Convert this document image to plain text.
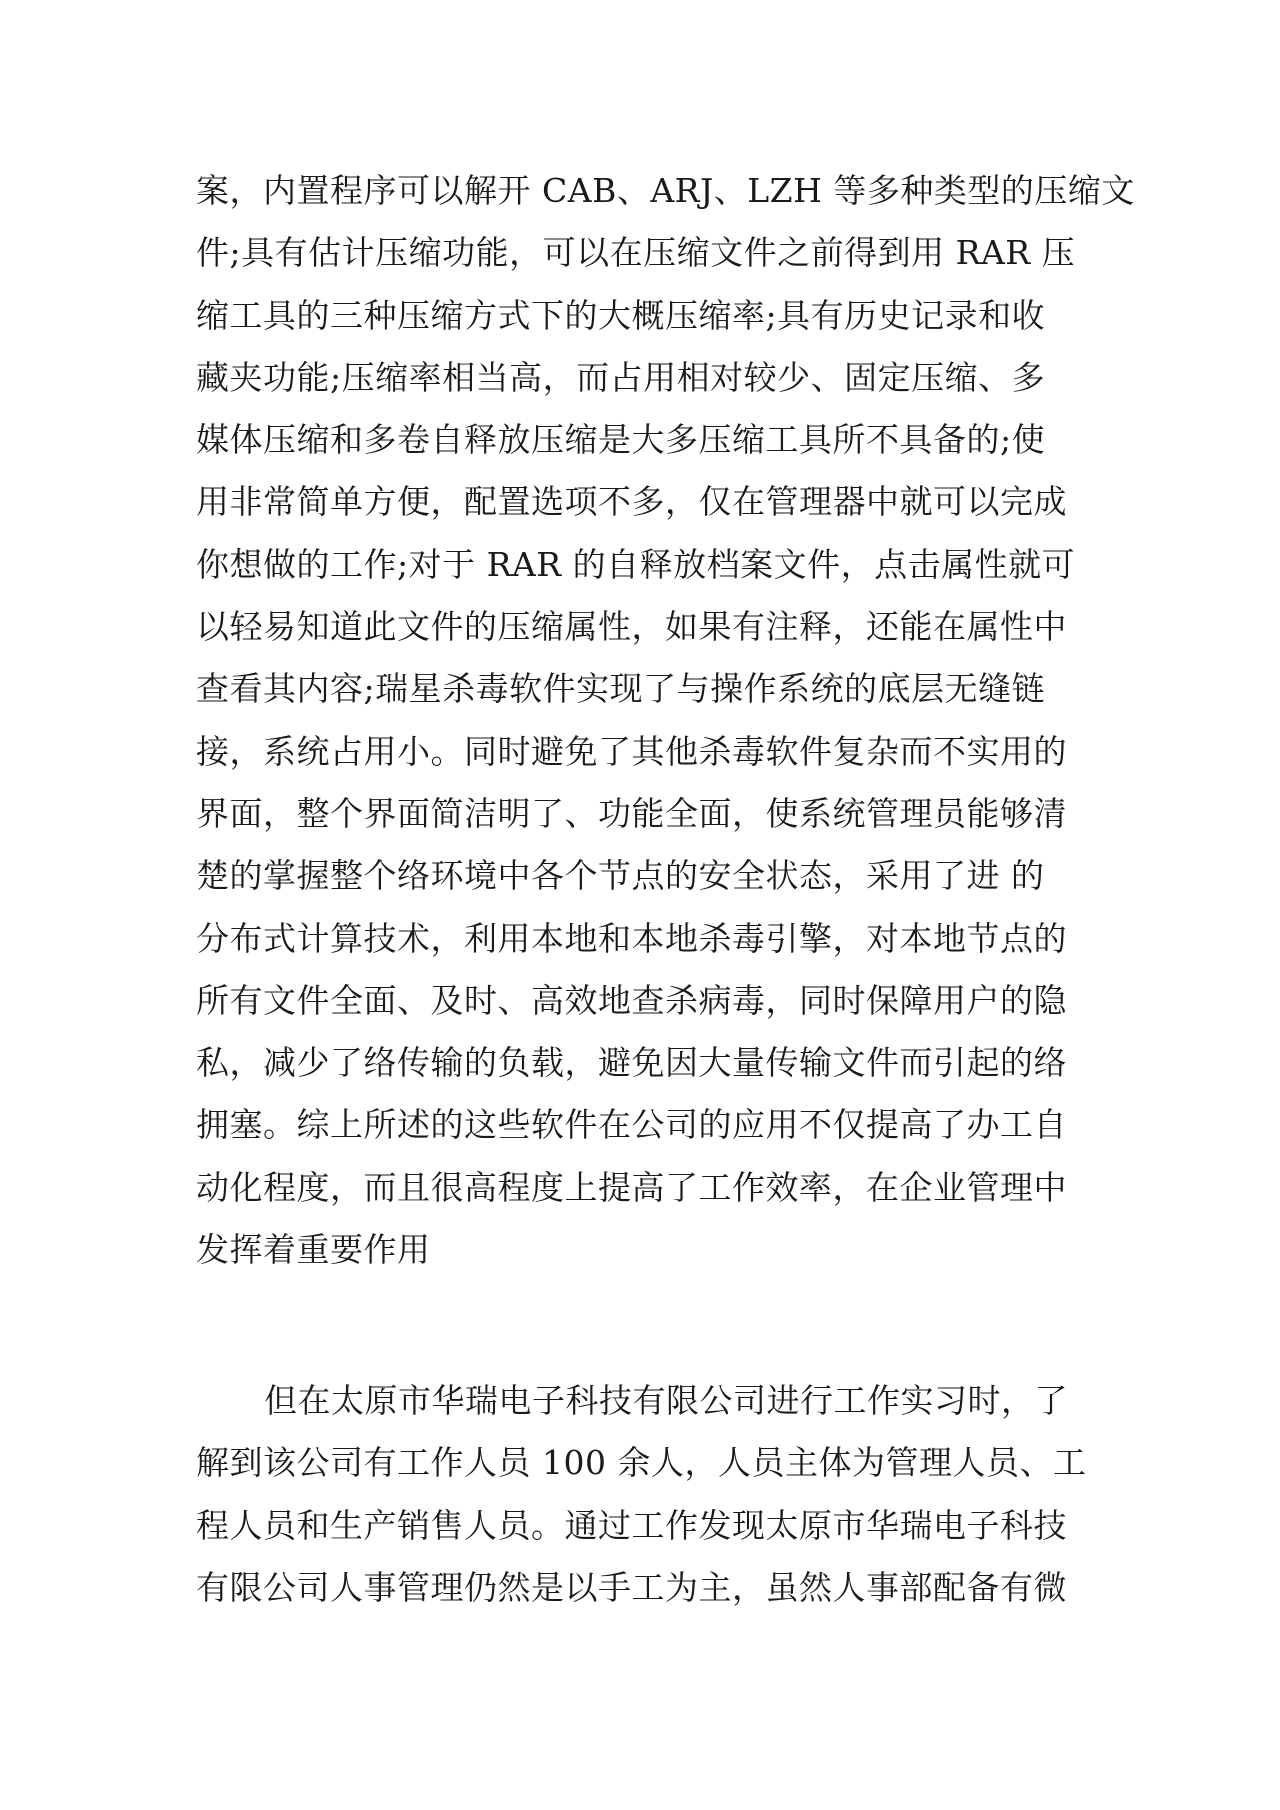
案，内置程序可以解开 CAB、ARJ、LZH 等多种类型的压缩文
件;具有估计压缩功能，可以在压缩文件之前得到用 RAR 压
缩工具的三种压缩方式下的大概压缩率;具有历史记录和收
藏夹功能;压缩率相当高，而占用相对较少、固定压缩、多
媒体压缩和多卷自释放压缩是大多压缩工具所不具备的;使
用非常简单方便，配置选项不多，仅在管理器中就可以完成
你想做的工作;对于 RAR 的自释放档案文件，点击属性就可
以轻易知道此文件的压缩属性，如果有注释，还能在属性中
查看其内容;瑞星杀毒软件实现了与操作系统的底层无缝链
接，系统占用小。同时避免了其他杀毒软件复杂而不实用的
界面，整个界面简洁明了、功能全面，使系统管理员能够清
楚的掌握整个络环境中各个节点的安全状态，采用了进 的
分布式计算技术，利用本地和本地杀毒引擎，对本地节点的
所有文件全面、及时、高效地查杀病毒，同时保障用户的隐
私，减少了络传输的负载，避免因大量传输文件而引起的络
拥塞。综上所述的这些软件在公司的应用不仅提高了办工自
动化程度，而且很高程度上提高了工作效率，在企业管理中
发挥着重要作用
但在太原市华瑞电子科技有限公司进行工作实习时，了
解到该公司有工作人员 100 余人，人员主体为管理人员、工
程人员和生产销售人员。通过工作发现太原市华瑞电子科技
有限公司人事管理仍然是以手工为主，虽然人事部配备有微
